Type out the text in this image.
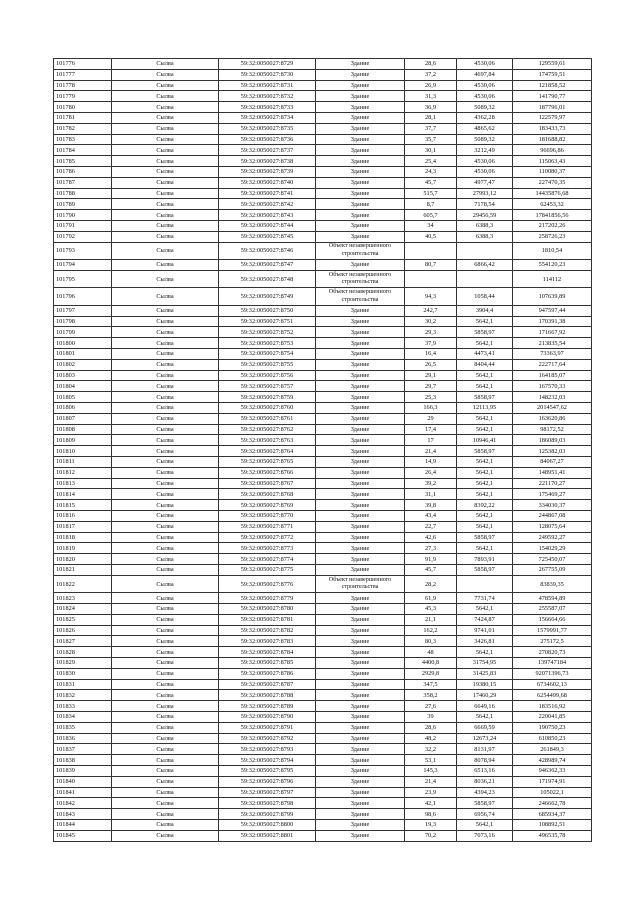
101776	Сылва	59:32:0050027:8729	Здание	28,6	4530,06	129559,61
101777	Сылва	59:32:0050027:8730	Здание	37,2	4697,84	174759,51
101778	Сылва	59:32:0050027:8731	Здание	26,9	4530,06	121858,52
101779	Сылва	59:32:0050027:8732	Здание	31,3	4530,06	141790,77
101780	Сылва	59:32:0050027:8733	Здание	36,9	5089,32	187796,01
101781	Сылва	59:32:0050027:8734	Здание	28,1	4362,28	122579,97
101782	Сылва	59:32:0050027:8735	Здание	37,7	4865,62	183433,73
101783	Сылва	59:32:0050027:8736	Здание	35,7	5089,32	181688,82
101784	Сылва	59:32:0050027:8737	Здание	30,1	3212,49	96696,86
101785	Сылва	59:32:0050027:8738	Здание	25,4	4530,06	115063,43
101786	Сылва	59:32:0050027:8739	Здание	24,3	4530,06	110080,37
101787	Сылва	59:32:0050027:8740	Здание	45,7	4977,47	227470,35
101788	Сылва	59:32:0050027:8741	Здание	515,7	27993,12	14435876,68
101789	Сылва	59:32:0050027:8742	Здание	8,7	7178,54	62453,32
101790	Сылва	59:32:0050027:8743	Здание	605,7	29456,59	17841856,56
101791	Сылва	59:32:0050027:8744	Здание	34	6388,3	217202,26
101792	Сылва	59:32:0050027:8745	Здание	40,5	6388,3	258726,23
101793	Сылва	59:32:0050027:8746	Объект незавершенного строительства			1810,54
101794	Сылва	59:32:0050027:8747	Здание	80,7	6866,42	554120,23
101795	Сылва	59:32:0050027:8748	Объект незавершенного строительства			114112
101796	Сылва	59:32:0050027:8749	Объект незавершенного строительства	94,3	1058,44	107639,89
101797	Сылва	59:32:0050027:8750	Здание	242,7	3904,4	947597,44
101798	Сылва	59:32:0050027:8751	Здание	30,2	5642,1	170391,38
101799	Сылва	59:32:0050027:8752	Здание	29,3	5858,97	171667,92
101800	Сылва	59:32:0050027:8753	Здание	37,9	5642,1	213835,54
101801	Сылва	59:32:0050027:8754	Здание	16,4	4473,41	73363,97
101802	Сылва	59:32:0050027:8755	Здание	26,5	8404,44	222717,64
101803	Сылва	59:32:0050027:8756	Здание	29,1	5642,1	164185,07
101804	Сылва	59:32:0050027:8757	Здание	29,7	5642,1	167570,33
101805	Сылва	59:32:0050027:8759	Здание	25,3	5858,97	148232,03
101806	Сылва	59:32:0050027:8760	Здание	166,3	12113,95	2014547,62
101807	Сылва	59:32:0050027:8761	Здание	29	5642,1	163620,86
101808	Сылва	59:32:0050027:8762	Здание	17,4	5642,1	98172,52
101809	Сылва	59:32:0050027:8763	Здание	17	10946,41	186089,03
101810	Сылва	59:32:0050027:8764	Здание	21,4	5858,97	125382,03
101811	Сылва	59:32:0050027:8765	Здание	14,9	5642,1	84067,27
101812	Сылва	59:32:0050027:8766	Здание	26,4	5642,1	148951,41
101813	Сылва	59:32:0050027:8767	Здание	39,2	5642,1	221170,27
101814	Сылва	59:32:0050027:8768	Здание	31,1	5642,1	175469,27
101815	Сылва	59:32:0050027:8769	Здание	39,8	8392,22	334030,37
101816	Сылва	59:32:0050027:8770	Здание	43,4	5642,1	244867,08
101817	Сылва	59:32:0050027:8771	Здание	22,7	5642,1	128075,64
101818	Сылва	59:32:0050027:8772	Здание	42,6	5858,97	249592,27
101819	Сылва	59:32:0050027:8773	Здание	27,3	5642,1	154029,29
101820	Сылва	59:32:0050027:8774	Здание	91,9	7893,91	725450,07
101821	Сылва	59:32:0050027:8775	Здание	45,7	5858,97	267755,09
101822	Сылва	59:32:0050027:8776	Объект незавершенного строительства	28,2		83839,35
101823	Сылва	59:32:0050027:8779	Здание	61,9	7731,74	478594,89
101824	Сылва	59:32:0050027:8780	Здание	45,3	5642,1	255587,07
101825	Сылва	59:32:0050027:8781	Здание	21,1	7424,87	156664,66
101826	Сылва	59:32:0050027:8782	Здание	162,2	9741,01	1579991,77
101827	Сылва	59:32:0050027:8783	Здание	80,3	3426,81	275172,5
101828	Сылва	59:32:0050027:8784	Здание	48	5642,1	270820,73
101829	Сылва	59:32:0050027:8785	Здание	4400,8	31754,95	139747184
101830	Сылва	59:32:0050027:8786	Здание	2929,8	31425,83	92071396,73
101831	Сылва	59:32:0050027:8787	Здание	347,5	19380,15	6734602,13
101832	Сылва	59:32:0050027:8788	Здание	358,2	17460,29	6254499,68
101833	Сылва	59:32:0050027:8789	Здание	27,6	6649,16	183516,92
101834	Сылва	59:32:0050027:8790	Здание	39	5642,1	220041,85
101835	Сылва	59:32:0050027:8791	Здание	28,6	6669,59	190750,23
101836	Сылва	59:32:0050027:8792	Здание	48,2	12673,24	610850,23
101837	Сылва	59:32:0050027:8793	Здание	32,2	8131,97	261849,3
101838	Сылва	59:32:0050027:8794	Здание	53,1	8078,94	428989,74
101839	Сылва	59:32:0050027:8795	Здание	145,3	6513,16	946362,33
101840	Сылва	59:32:0050027:8796	Здание	21,4	8036,21	171974,91
101841	Сылва	59:32:0050027:8797	Здание	23,9	4394,23	105022,1
101842	Сылва	59:32:0050027:8798	Здание	42,1	5858,97	246662,78
101843	Сылва	59:32:0050027:8799	Здание	98,6	6956,74	685934,37
101844	Сылва	59:32:0050027:8800	Здание	19,3	5642,1	108892,51
101845	Сылва	59:32:0050027:8801	Здание	70,2	7073,16	496535,78
